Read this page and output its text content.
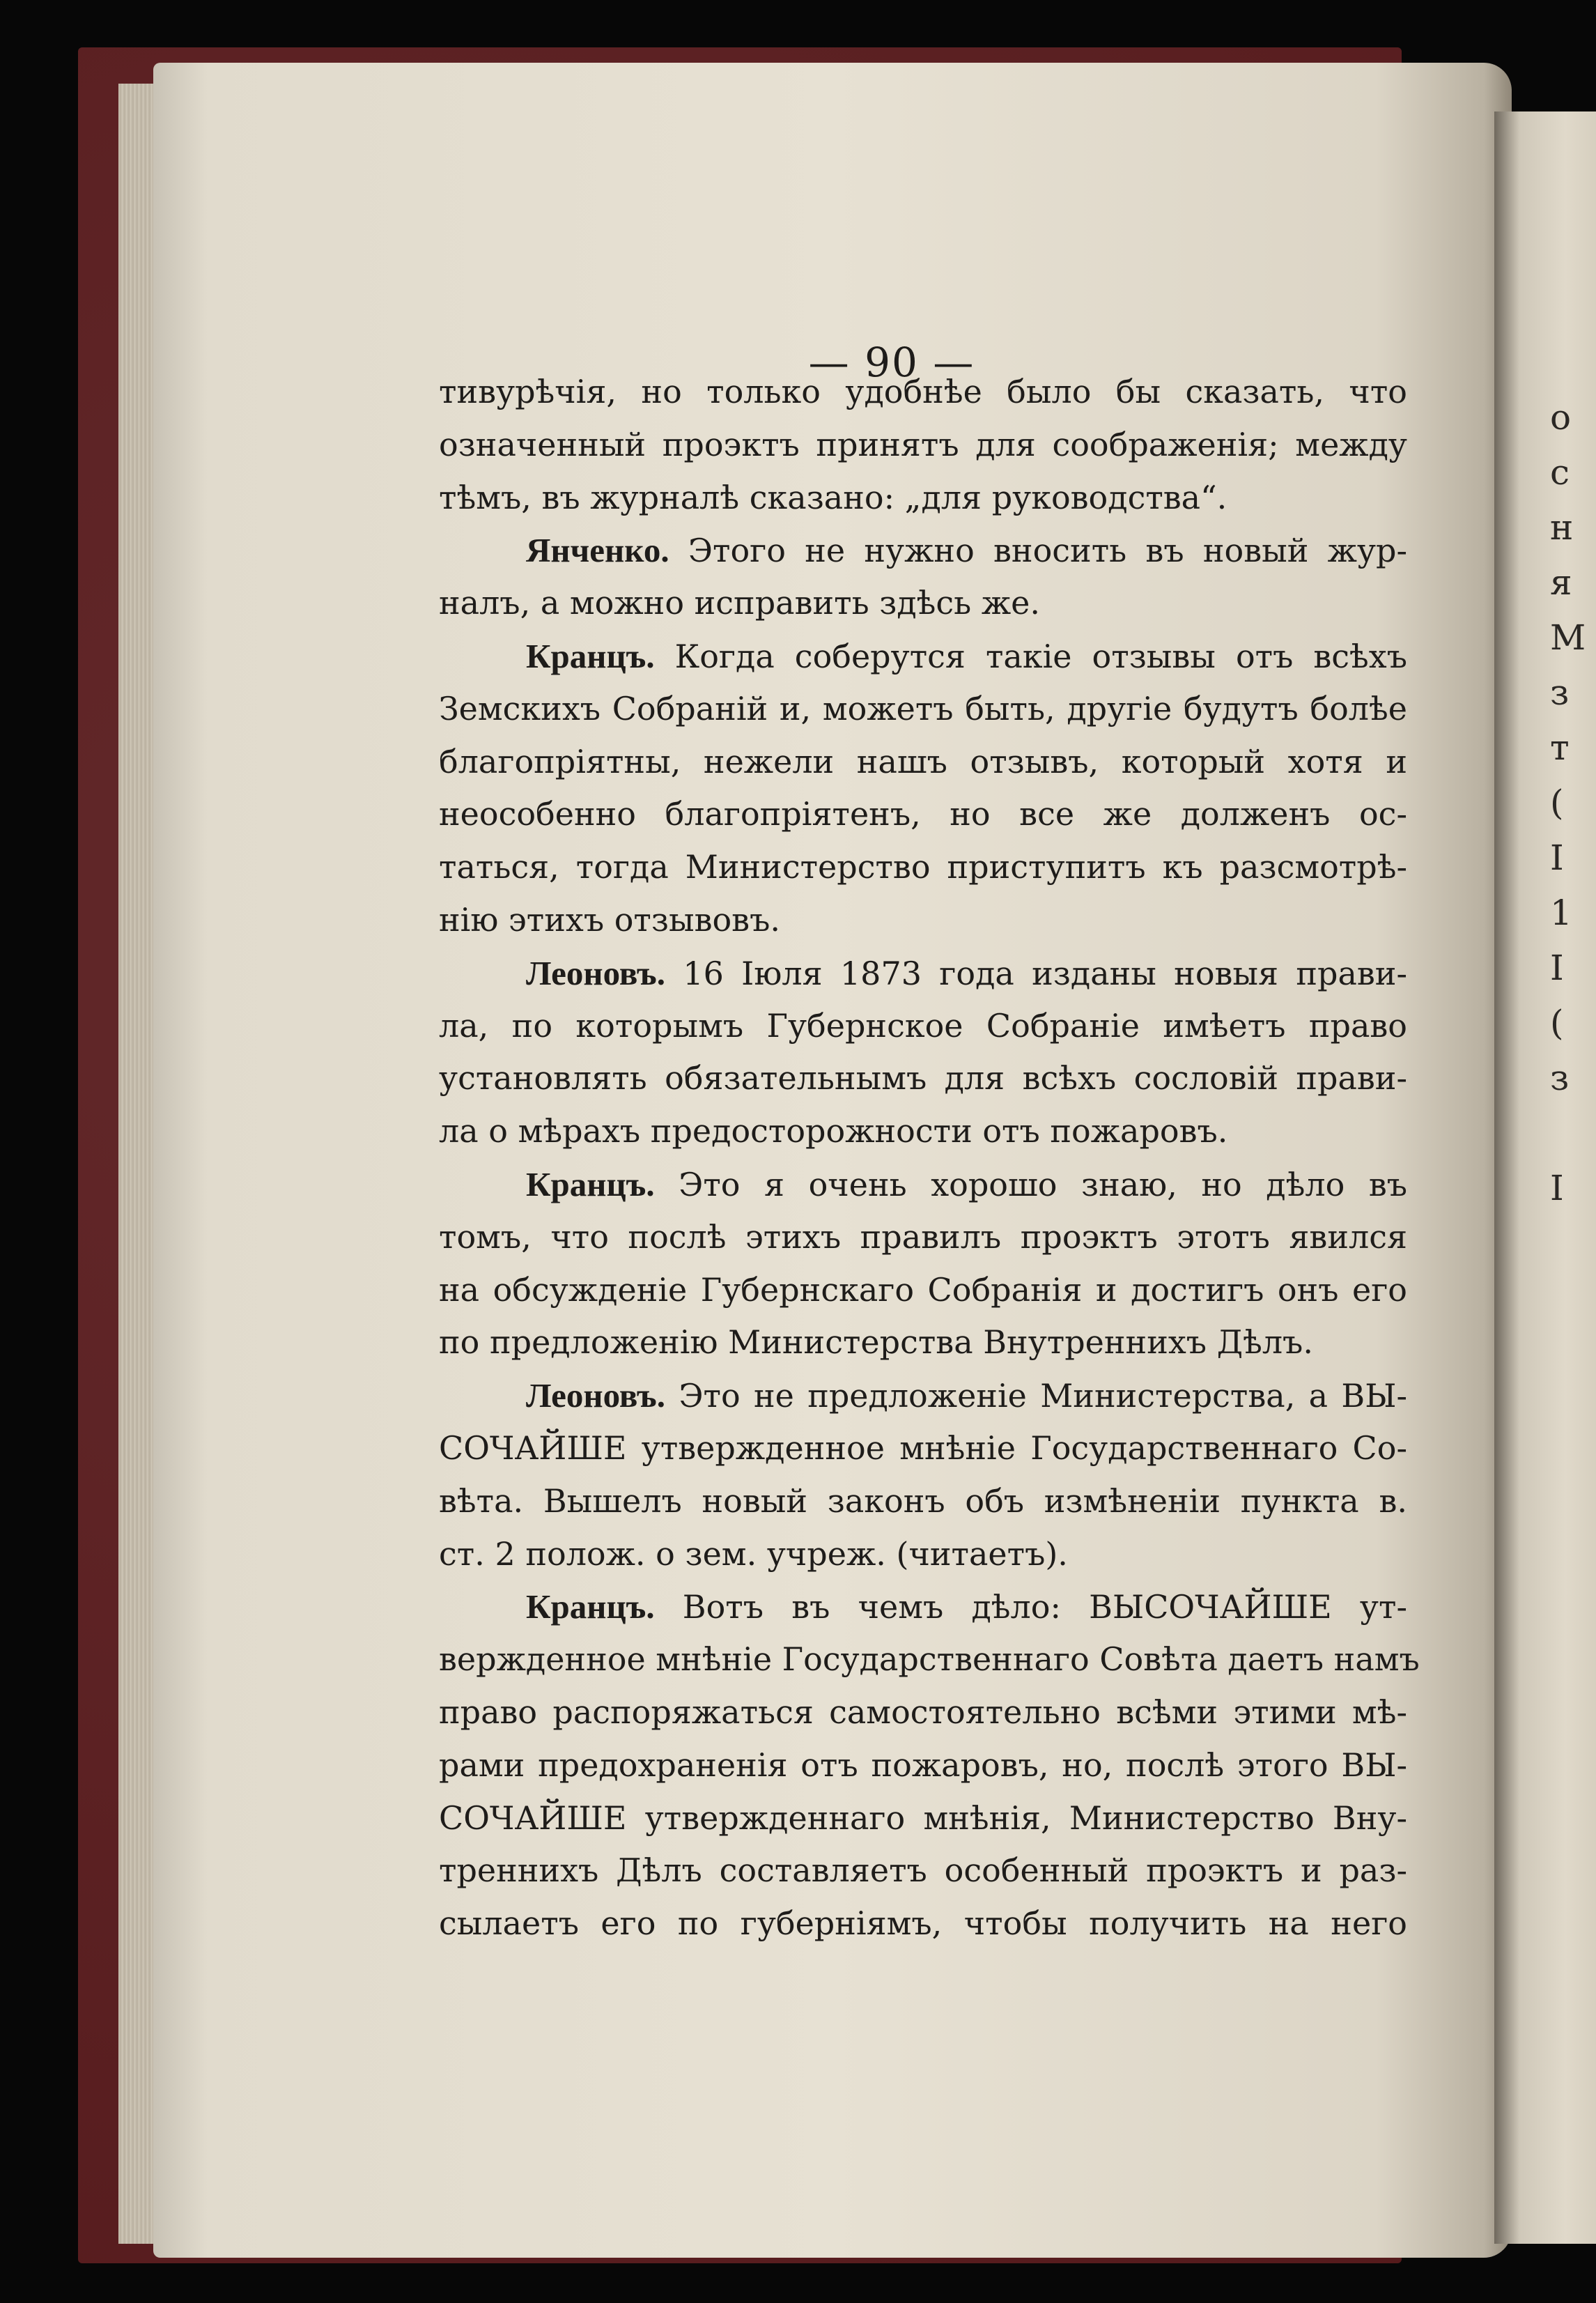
— 90 —
о
с
н
я
М
з
т
(
I
1
I
(
з

I
тивурѣчія, но только удобнѣе было бы сказать, что
означенный проэктъ принятъ для соображенія; между
тѣмъ, въ журналѣ сказано: „для руководства“.
Янченко. Этого не нужно вносить въ новый жур-
налъ, а можно исправить здѣсь же.
Кранцъ. Когда соберутся такіе отзывы отъ всѣхъ
Земскихъ Собраній и, можетъ быть, другіе будутъ болѣе
благопріятны, нежели нашъ отзывъ, который хотя и
неособенно благопріятенъ, но все же долженъ ос-
таться, тогда Министерство приступитъ къ разсмотрѣ-
нію этихъ отзывовъ.
Леоновъ. 16 Іюля 1873 года изданы новыя прави-
ла, по которымъ Губернское Собраніе имѣетъ право
установлять обязательнымъ для всѣхъ сословій прави-
ла о мѣрахъ предосторожности отъ пожаровъ.
Кранцъ. Это я очень хорошо знаю, но дѣло въ
томъ, что послѣ этихъ правилъ проэктъ этотъ явился
на обсужденіе Губернскаго Собранія и достигъ онъ его
по предложенію Министерства Внутреннихъ Дѣлъ.
Леоновъ. Это не предложеніе Министерства, а ВЫ-
СОЧАЙШЕ утвержденное мнѣніе Государственнаго Со-
вѣта. Вышелъ новый законъ объ измѣненіи пункта в.
ст. 2 полож. о зем. учреж. (читаетъ).
Кранцъ. Вотъ въ чемъ дѣло: ВЫСОЧАЙШЕ ут-
вержденное мнѣніе Государственнаго Совѣта даетъ намъ
право распоряжаться самостоятельно всѣми этими мѣ-
рами предохраненія отъ пожаровъ, но, послѣ этого ВЫ-
СОЧАЙШЕ утвержденнаго мнѣнія, Министерство Вну-
треннихъ Дѣлъ составляетъ особенный проэктъ и раз-
сылаетъ его по губерніямъ, чтобы получить на него
